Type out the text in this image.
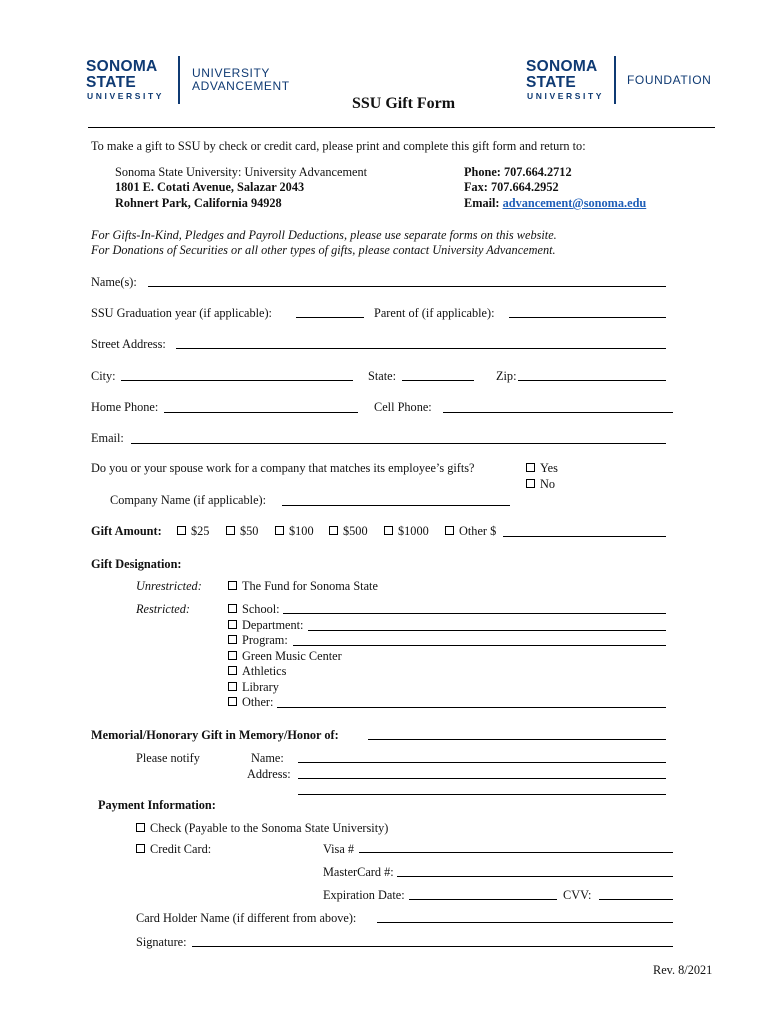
SONOMA
STATE
UNIVERSITY
UNIVERSITY
ADVANCEMENT
SONOMA
STATE
UNIVERSITY
FOUNDATION
SSU Gift Form
To make a gift to SSU by check or credit card, please print and complete this gift form and return to:
Sonoma State University: University Advancement
1801 E. Cotati Avenue, Salazar 2043
Rohnert Park, California 94928
Phone: 707.664.2712
Fax: 707.664.2952
Email: advancement@sonoma.edu
For Gifts-In-Kind, Pledges and Payroll Deductions, please use separate forms on this website.
For Donations of Securities or all other types of gifts, please contact University Advancement.
Name(s):
SSU Graduation year (if applicable):	Parent of (if applicable):
Street Address:
City:	State:	Zip:
Home Phone:	Cell Phone:
Email:
Do you or your spouse work for a company that matches its employee’s gifts?	Yes
No
Company Name (if applicable):
Gift Amount:	$25	$50	$100	$500	$1000	Other $
Gift Designation:
Unrestricted:	The Fund for Sonoma State
Restricted:	School:
Department:
Program:
Green Music Center
Athletics
Library
Other:
Memorial/Honorary Gift in Memory/Honor of:
Please notify	Name:
Address:
Payment Information:
Check (Payable to the Sonoma State University)
Credit Card:	Visa #
MasterCard #:
Expiration Date:	CVV:
Card Holder Name (if different from above):
Signature:
Rev. 8/2021
